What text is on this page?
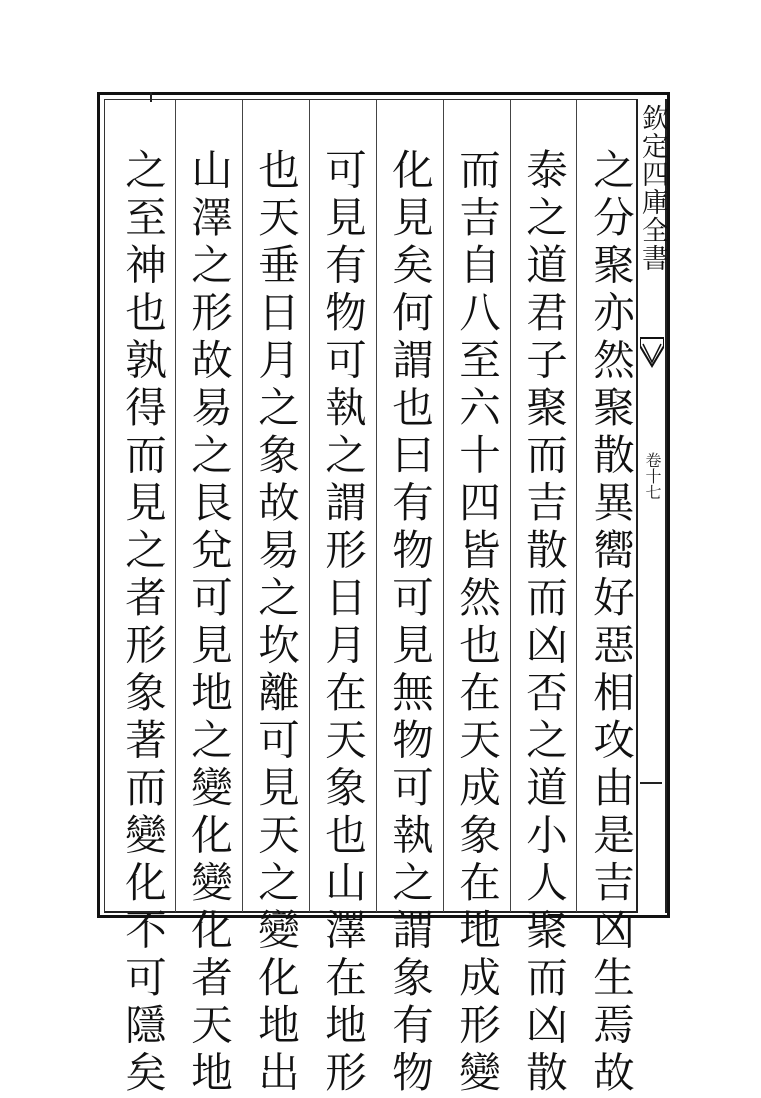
之分聚亦然聚散異嚮好惡相攻由是吉凶生焉故
泰之道君子聚而吉散而凶否之道小人聚而凶散
而吉自八至六十四皆然也在天成象在地成形變
化見矣何謂也曰有物可見無物可執之謂象有物
可見有物可執之謂形日月在天象也山澤在地形
也天垂日月之象故易之坎離可見天之變化地出
山澤之形故易之艮兌可見地之變化變化者天地
之至神也孰得而見之者形象著而變化不可隱矣	欽定四庫全書
卷十七
